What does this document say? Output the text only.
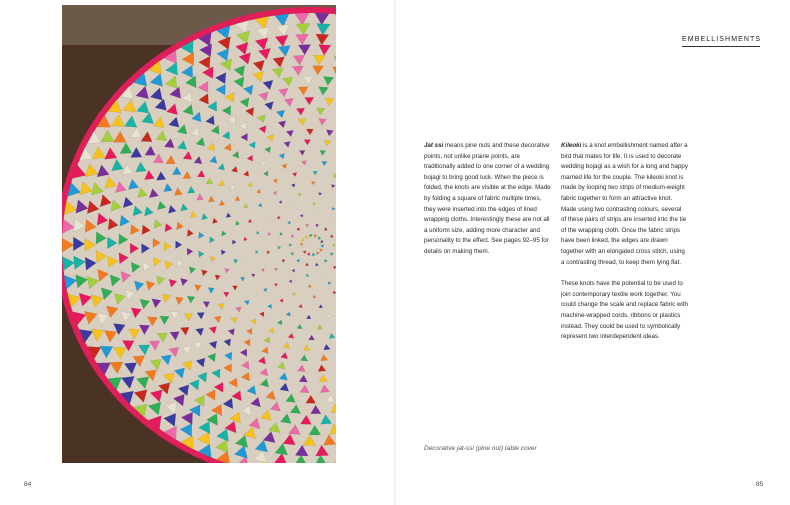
Decorative jat-ssi (pine nut) table cover
84
EMBELLISHMENTS

Jat ssi means pine nuts and these decorative points, not unlike prairie points, are traditionally added to one corner of a wedding bojagi to bring good luck. When the piece is folded, the knots are visible at the edge. Made by folding a square of fabric multiple times, they were inserted into the edges of lined wrapping cloths. Interestingly these are not all a uniform size, adding more character and personality to the effect. See pages 92–95 for details on making them.

Kileoki is a knot embellishment named after a bird that mates for life. It is used to decorate wedding bojagi as a wish for a long and happy married life for the couple. The kileoki knot is made by looping two strips of medium-weight fabric together to form an attractive knot. Made using two contrasting colours, several of these pairs of strips are inserted into the tie of the wrapping cloth. Once the fabric strips have been linked, the edges are drawn together with an elongated cross stitch, using a contrasting thread, to keep them lying flat.

These knots have the potential to be used to join contemporary textile work together. You could change the scale and replace fabric with machine-wrapped cords, ribbons or plastics instead. They could be used to symbolically represent two interdependent ideas.

85
